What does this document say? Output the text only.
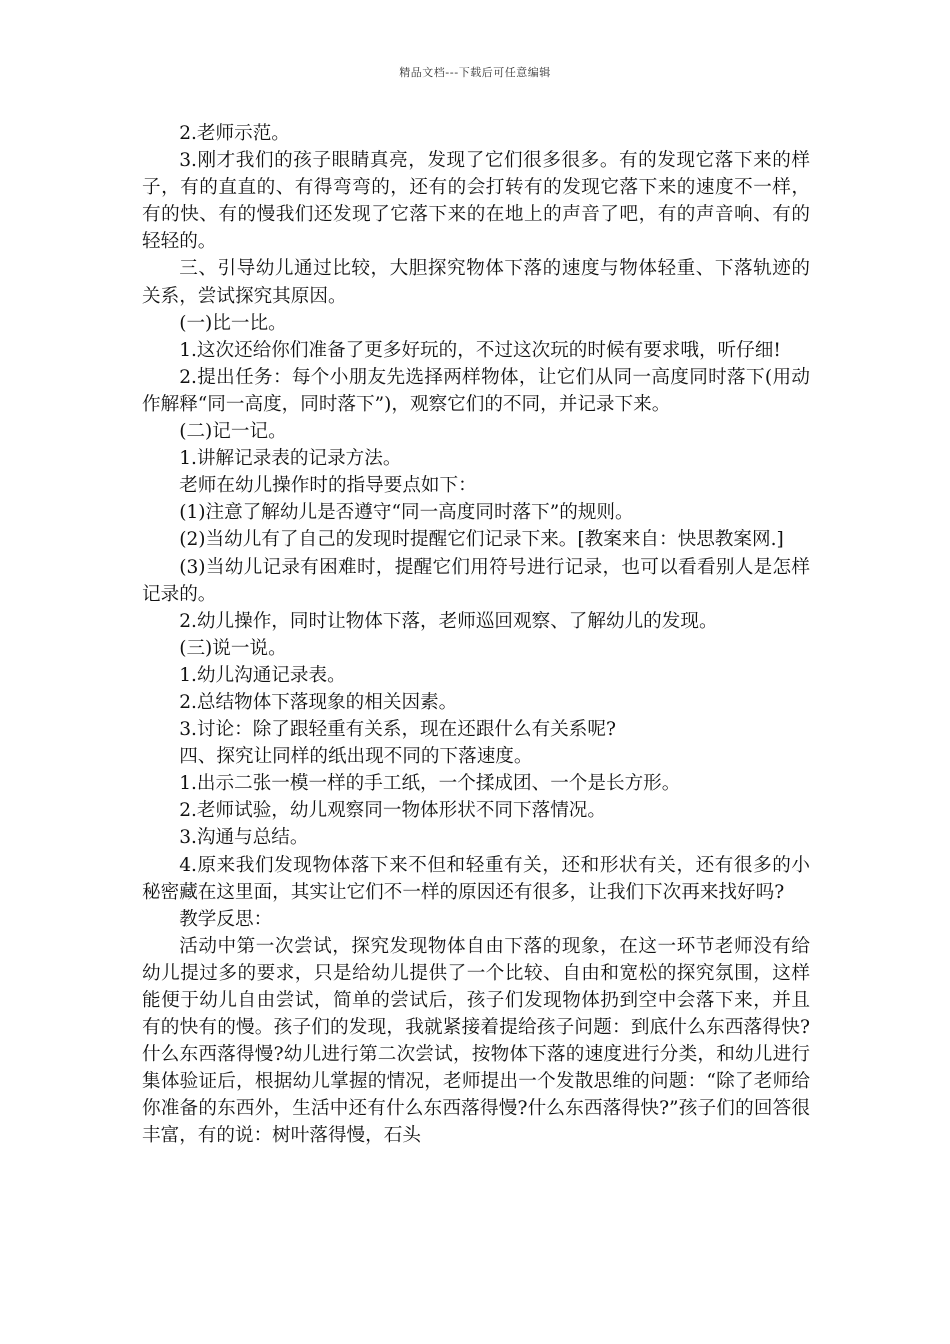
精品文档---下载后可任意编辑

2.老师示范。

3.刚才我们的孩子眼睛真亮，发现了它们很多很多。有的发现它落下来的样子，有的直直的、有得弯弯的，还有的会打转有的发现它落下来的速度不一样，有的快、有的慢我们还发现了它落下来的在地上的声音了吧，有的声音响、有的轻轻的。

三、引导幼儿通过比较，大胆探究物体下落的速度与物体轻重、下落轨迹的关系，尝试探究其原因。

(一)比一比。

1.这次还给你们准备了更多好玩的，不过这次玩的时候有要求哦，听仔细!

2.提出任务：每个小朋友先选择两样物体，让它们从同一高度同时落下(用动作解释“同一高度，同时落下”)，观察它们的不同，并记录下来。

(二)记一记。

1.讲解记录表的记录方法。

老师在幼儿操作时的指导要点如下：

(1)注意了解幼儿是否遵守“同一高度同时落下”的规则。

(2)当幼儿有了自己的发现时提醒它们记录下来。[教案来自：快思教案网.]

(3)当幼儿记录有困难时，提醒它们用符号进行记录，也可以看看别人是怎样记录的。

2.幼儿操作，同时让物体下落，老师巡回观察、了解幼儿的发现。

(三)说一说。

1.幼儿沟通记录表。

2.总结物体下落现象的相关因素。

3.讨论：除了跟轻重有关系，现在还跟什么有关系呢?

四、探究让同样的纸出现不同的下落速度。

1.出示二张一模一样的手工纸，一个揉成团、一个是长方形。

2.老师试验，幼儿观察同一物体形状不同下落情况。

3.沟通与总结。

4.原来我们发现物体落下来不但和轻重有关，还和形状有关，还有很多的小秘密藏在这里面，其实让它们不一样的原因还有很多，让我们下次再来找好吗?

教学反思：

活动中第一次尝试，探究发现物体自由下落的现象，在这一环节老师没有给幼儿提过多的要求，只是给幼儿提供了一个比较、自由和宽松的探究氛围，这样能便于幼儿自由尝试，简单的尝试后，孩子们发现物体扔到空中会落下来，并且有的快有的慢。孩子们的发现，我就紧接着提给孩子问题：到底什么东西落得快?什么东西落得慢?幼儿进行第二次尝试，按物体下落的速度进行分类，和幼儿进行集体验证后，根据幼儿掌握的情况，老师提出一个发散思维的问题：“除了老师给你准备的东西外，生活中还有什么东西落得慢?什么东西落得快?”孩子们的回答很丰富，有的说：树叶落得慢，石头
